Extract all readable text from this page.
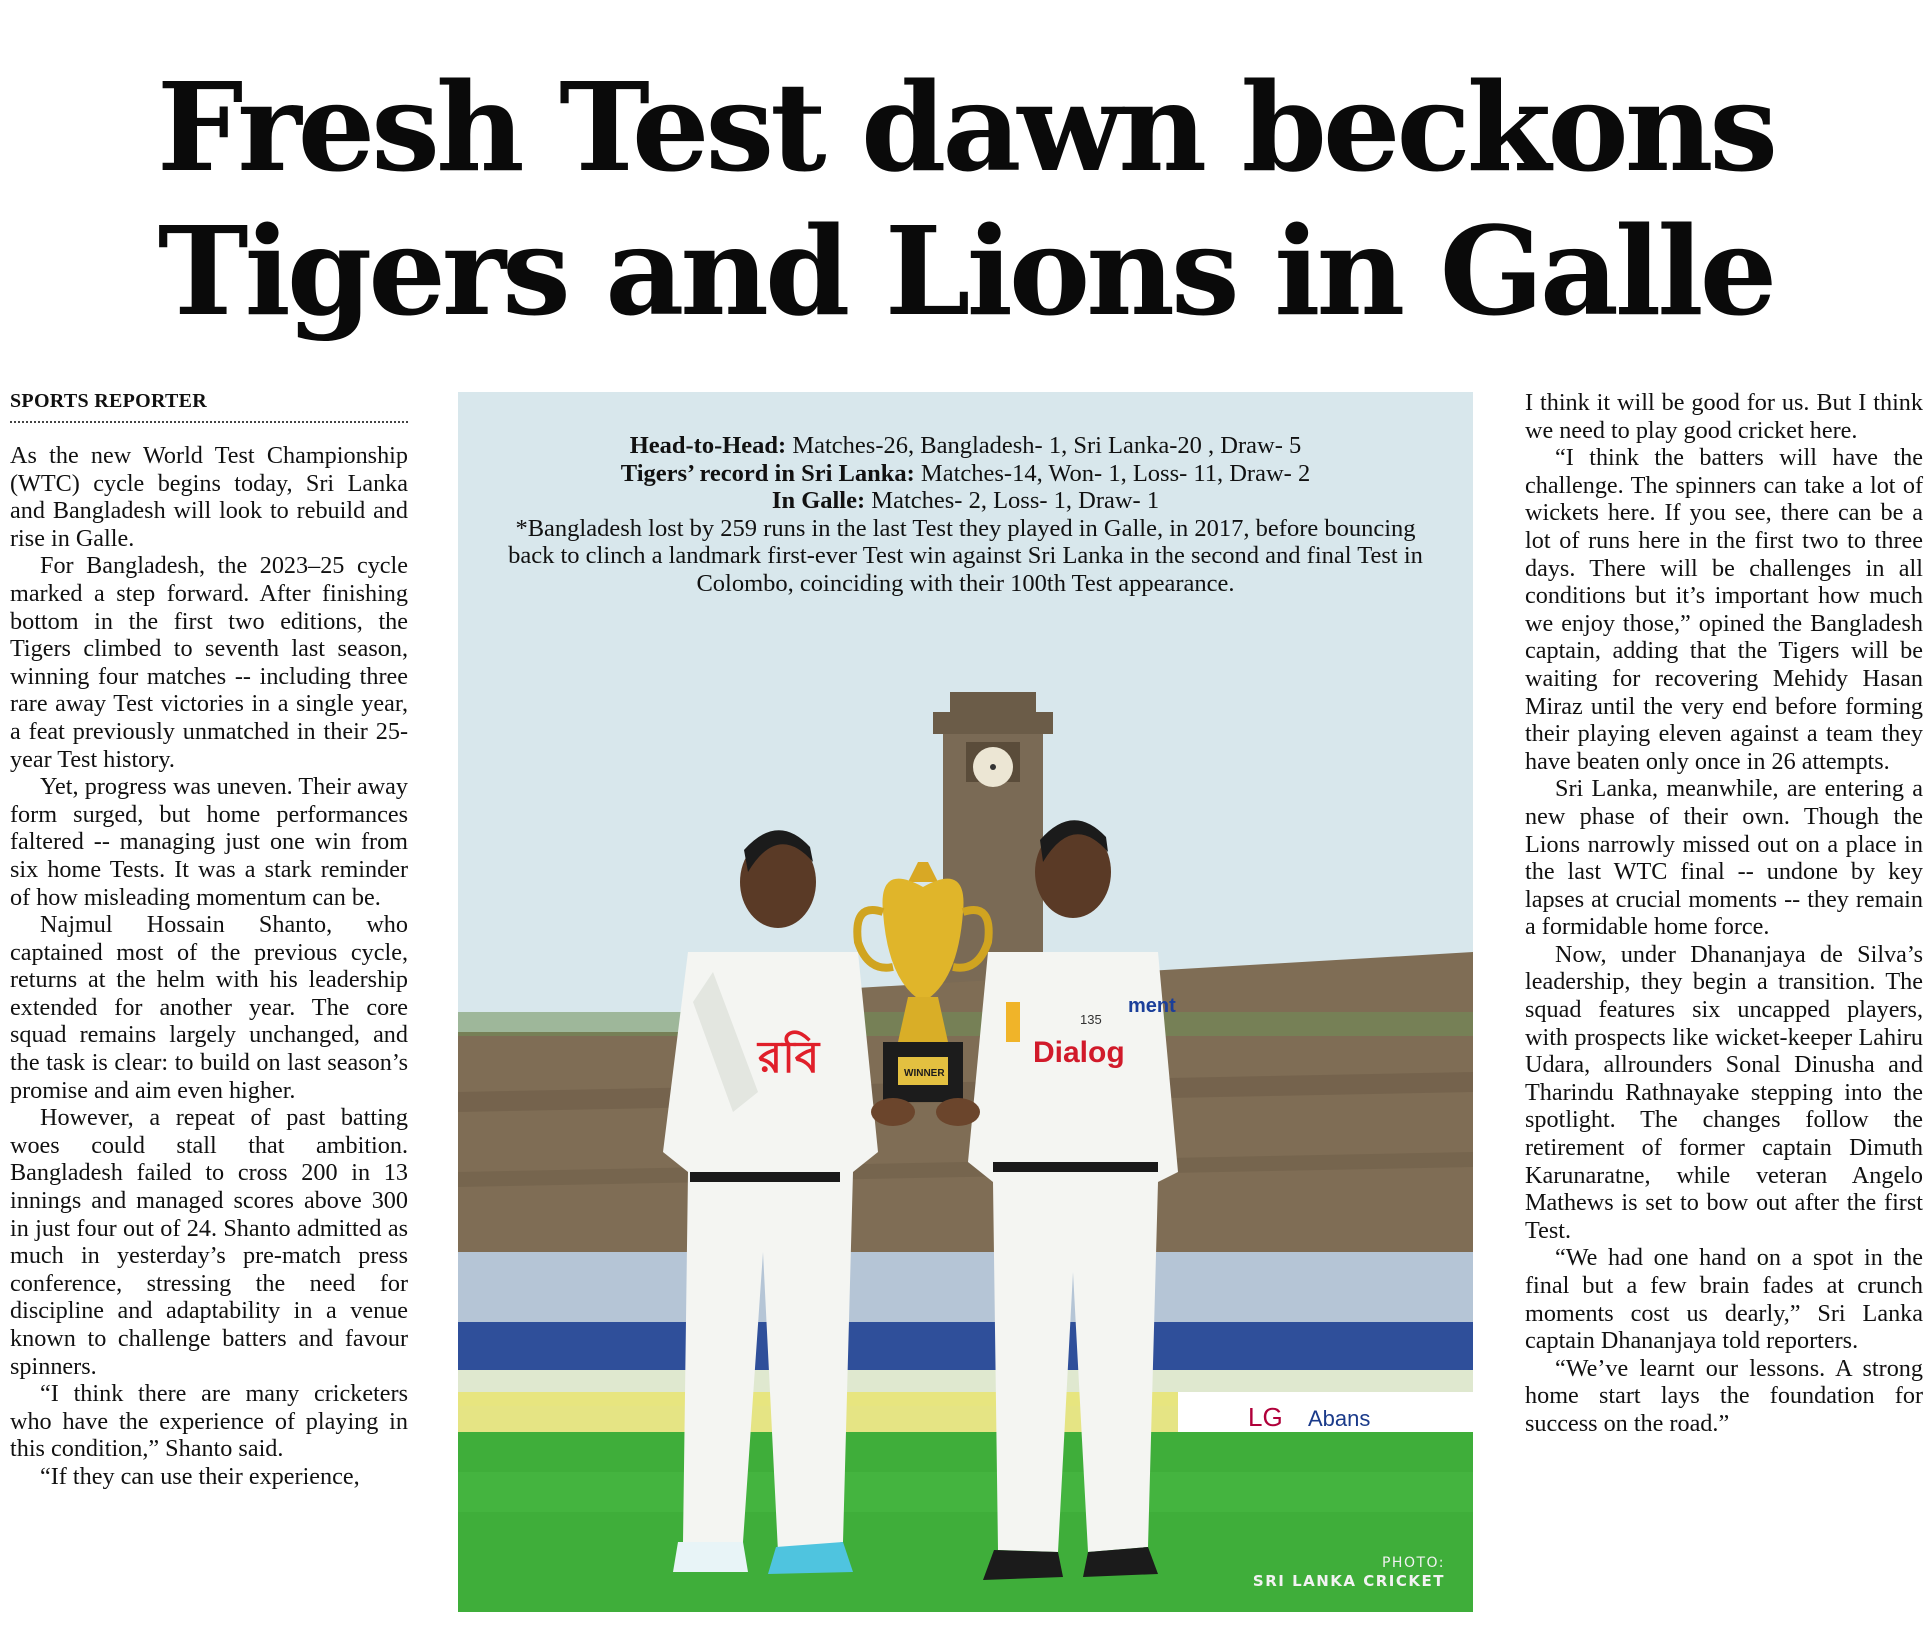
Fresh Test dawn beckons
Tigers and Lions in Galle
SPORTS REPORTER

As the new World Test Championship (WTC) cycle begins today, Sri Lanka and Bangladesh will look to rebuild and rise in Galle.

For Bangladesh, the 2023–25 cycle marked a step forward. After finishing bottom in the first two editions, the Tigers climbed to seventh last season, winning four matches -- including three rare away Test victories in a single year, a feat previously unmatched in their 25-year Test history.

Yet, progress was uneven. Their away form surged, but home performances faltered -- managing just one win from six home Tests. It was a stark reminder of how misleading momentum can be.

Najmul Hossain Shanto, who captained most of the previous cycle, returns at the helm with his leadership extended for another year. The core squad remains largely unchanged, and the task is clear: to build on last season’s promise and aim even higher.

However, a repeat of past batting woes could stall that ambition. Bangladesh failed to cross 200 in 13 innings and managed scores above 300 in just four out of 24. Shanto admitted as much in yesterday’s pre-match press conference, stressing the need for discipline and adaptability in a venue known to challenge batters and favour spinners.

“I think there are many cricketers who have the experience of playing in this condition,” Shanto said.

“If they can use their experience,

LG Abans
রবি	Dialog
135
ment
WINNER
Head-to-Head: Matches-26, Bangladesh- 1, Sri Lanka-20 , Draw- 5
Tigers’ record in Sri Lanka: Matches-14, Won- 1, Loss- 11, Draw- 2
In Galle: Matches- 2, Loss- 1, Draw- 1
*Bangladesh lost by 259 runs in the last Test they played in Galle, in 2017, before bouncing back to clinch a landmark first-ever Test win against Sri Lanka in the second and final Test in Colombo, coinciding with their 100th Test appearance.
PHOTO:
SRI LANKA CRICKET

I think it will be good for us. But I think we need to play good cricket here.

“I think the batters will have the challenge. The spinners can take a lot of wickets here. If you see, there can be a lot of runs here in the first two to three days. There will be challenges in all conditions but it’s important how much we enjoy those,” opined the Bangladesh captain, adding that the Tigers will be waiting for recovering Mehidy Hasan Miraz until the very end before forming their playing eleven against a team they have beaten only once in 26 attempts.

Sri Lanka, meanwhile, are entering a new phase of their own. Though the Lions narrowly missed out on a place in the last WTC final -- undone by key lapses at crucial moments -- they remain a formidable home force.

Now, under Dhananjaya de Silva’s leadership, they begin a transition. The squad features six uncapped players, with prospects like wicket-keeper Lahiru Udara, allrounders Sonal Dinusha and Tharindu Rathnayake stepping into the spotlight. The changes follow the retirement of former captain Dimuth Karunaratne, while veteran Angelo Mathews is set to bow out after the first Test.

“We had one hand on a spot in the final but a few brain fades at crunch moments cost us dearly,” Sri Lanka captain Dhananjaya told reporters.

“We’ve learnt our lessons. A strong home start lays the foundation for success on the road.”
